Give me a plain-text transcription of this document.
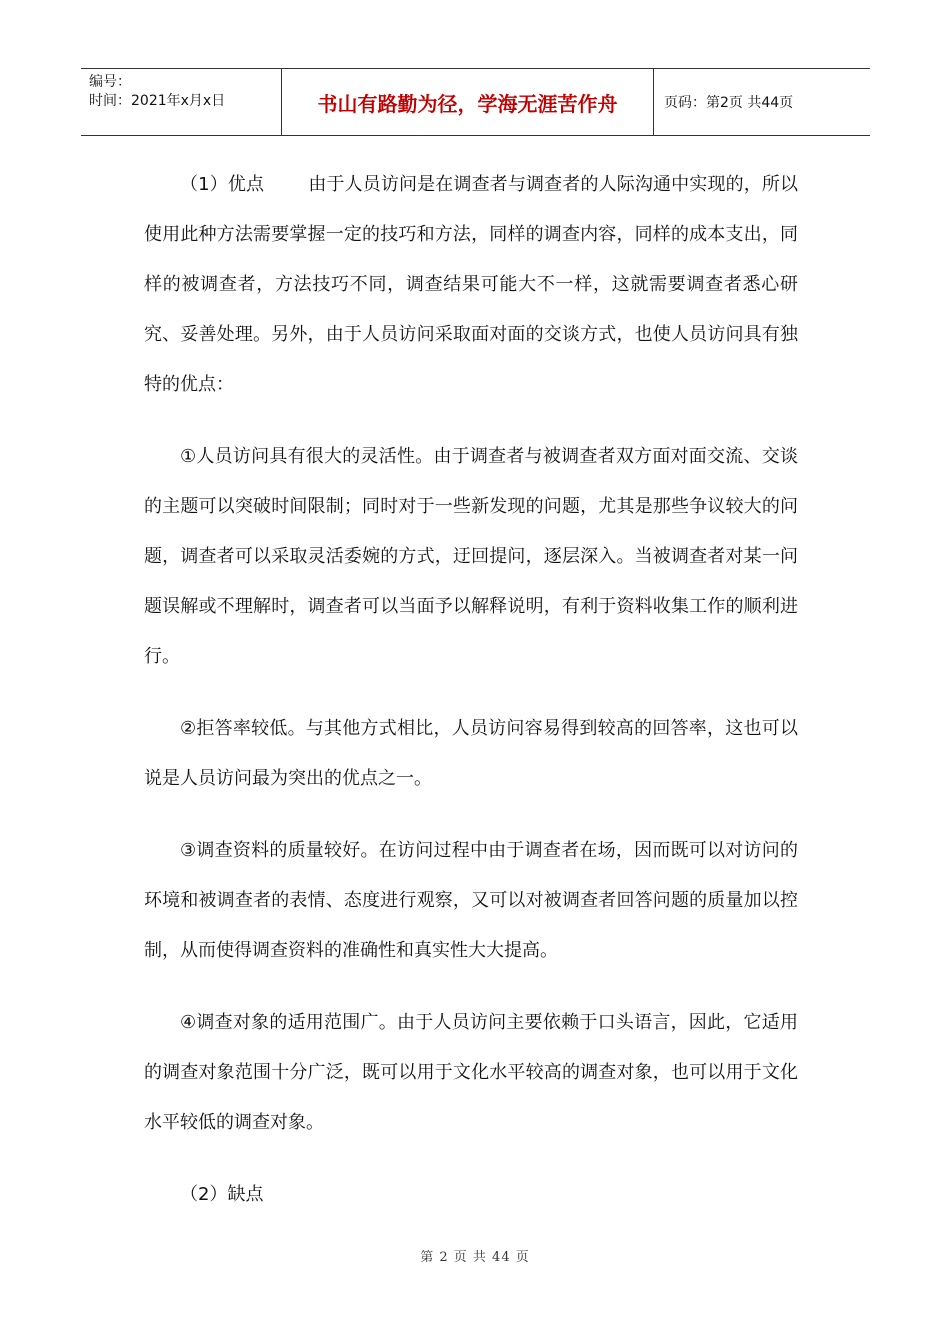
编号：
时间：2021年x月x日	书山有路勤为径，学海无涯苦作舟	页码：第2页 共44页

（1）优点 由于人员访问是在调查者与调查者的人际沟通中实现的，所以使用此种方法需要掌握一定的技巧和方法，同样的调查内容，同样的成本支出，同样的被调查者，方法技巧不同，调查结果可能大不一样，这就需要调查者悉心研究、妥善处理。另外，由于人员访问采取面对面的交谈方式，也使人员访问具有独特的优点：

①人员访问具有很大的灵活性。由于调查者与被调查者双方面对面交流、交谈的主题可以突破时间限制；同时对于一些新发现的问题，尤其是那些争议较大的问题，调查者可以采取灵活委婉的方式，迂回提问，逐层深入。当被调查者对某一问题误解或不理解时，调查者可以当面予以解释说明，有利于资料收集工作的顺利进行。

②拒答率较低。与其他方式相比，人员访问容易得到较高的回答率，这也可以说是人员访问最为突出的优点之一。

③调查资料的质量较好。在访问过程中由于调查者在场，因而既可以对访问的环境和被调查者的表情、态度进行观察，又可以对被调查者回答问题的质量加以控制，从而使得调查资料的准确性和真实性大大提高。

④调查对象的适用范围广。由于人员访问主要依赖于口头语言，因此，它适用的调查对象范围十分广泛，既可以用于文化水平较高的调查对象，也可以用于文化水平较低的调查对象。

（2）缺点

第 2 页 共 44 页
